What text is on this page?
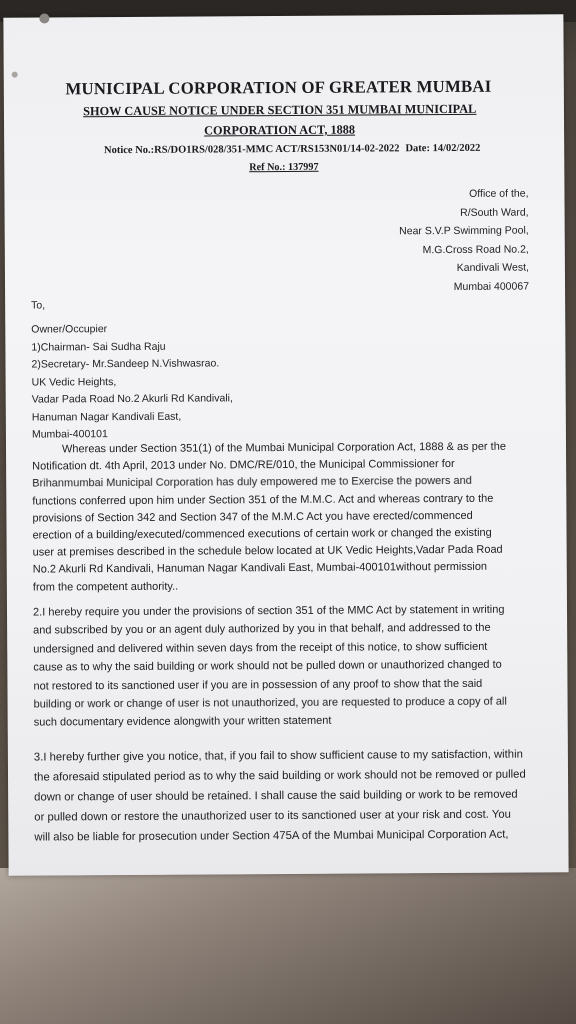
MUNICIPAL CORPORATION OF GREATER MUMBAI
SHOW CAUSE NOTICE UNDER SECTION 351 MUMBAI MUNICIPAL
CORPORATION ACT, 1888
Notice No.:RS/DO1RS/028/351-MMC ACT/RS153N01/14-02-2022 Date: 14/02/2022
Ref No.: 137997
Office of the,
R/South Ward,
Near S.V.P Swimming Pool,
M.G.Cross Road No.2,
Kandivali West,
Mumbai 400067
To,
Owner/Occupier
1)Chairman- Sai Sudha Raju
2)Secretary- Mr.Sandeep N.Vishwasrao.
UK Vedic Heights,
Vadar Pada Road No.2 Akurli Rd Kandivali,
Hanuman Nagar Kandivali East,
Mumbai-400101
Whereas under Section 351(1) of the Mumbai Municipal Corporation Act, 1888 & as per the
Notification dt. 4th April, 2013 under No. DMC/RE/010, the Municipal Commissioner for
Brihanmumbai Municipal Corporation has duly empowered me to Exercise the powers and
functions conferred upon him under Section 351 of the M.M.C. Act and whereas contrary to the
provisions of Section 342 and Section 347 of the M.M.C Act you have erected/commenced
erection of a building/executed/commenced executions of certain work or changed the existing
user at premises described in the schedule below located at UK Vedic Heights,Vadar Pada Road
No.2 Akurli Rd Kandivali, Hanuman Nagar Kandivali East, Mumbai-400101without permission
from the competent authority..
2.I hereby require you under the provisions of section 351 of the MMC Act by statement in writing
and subscribed by you or an agent duly authorized by you in that behalf, and addressed to the
undersigned and delivered within seven days from the receipt of this notice, to show sufficient
cause as to why the said building or work should not be pulled down or unauthorized changed to
not restored to its sanctioned user if you are in possession of any proof to show that the said
building or work or change of user is not unauthorized, you are requested to produce a copy of all
such documentary evidence alongwith your written statement
3.I hereby further give you notice, that, if you fail to show sufficient cause to my satisfaction, within
the aforesaid stipulated period as to why the said building or work should not be removed or pulled
down or change of user should be retained. I shall cause the said building or work to be removed
or pulled down or restore the unauthorized user to its sanctioned user at your risk and cost. You
will also be liable for prosecution under Section 475A of the Mumbai Municipal Corporation Act,
